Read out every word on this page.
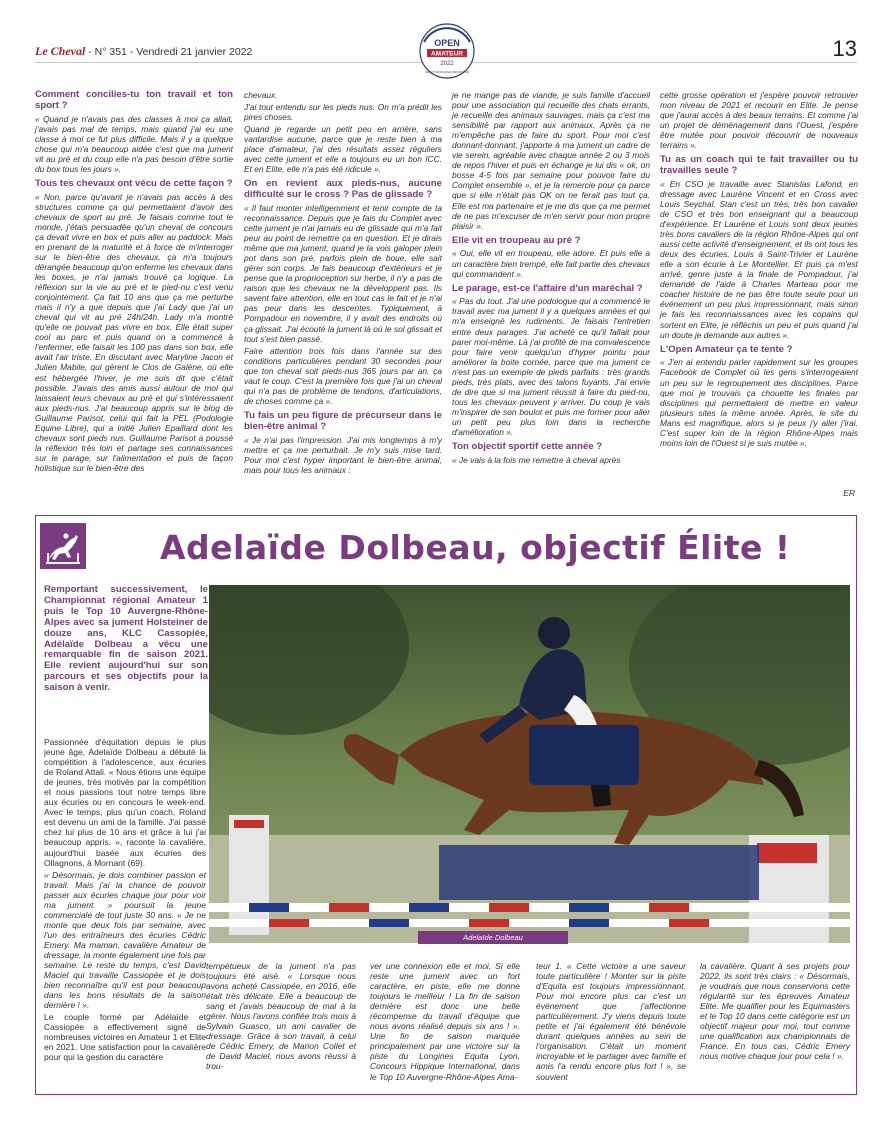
Le Cheval - N° 351 - Vendredi 21 janvier 2022	13
OPEN
AMATEUR
2022
CIRCUIT FRANÇAISE D'ÉQUITATION
Comment concilies-tu ton travail et ton sport ?

« Quand je n'avais pas des classes à moi ça allait, j'avais pas mal de temps, mais quand j'ai eu une classe à moi ce fut plus difficile. Mais il y a quelque chose qui m'a beaucoup aidée c'est que ma jument vit au pré et du coup elle n'a pas besoin d'être sortie du box tous les jours ».

Tous tes chevaux ont vécu de cette façon ?

« Non, parce qu'avant je n'avais pas accès à des structures comme ça qui permettaient d'avoir des chevaux de sport au pré. Je faisais comme tout le monde, j'étais persuadée qu'un cheval de concours ça devait vivre en box et puis aller au paddock. Mais en prenant de la maturité et à force de m'interroger sur le bien-être des chevaux, ça m'a toujours dérangée beaucoup qu'on enferme les chevaux dans les boxes, je n'ai jamais trouvé ça logique. La réflexion sur la vie au pré et le pied-nu c'est venu conjointement. Ça fait 10 ans que ça me perturbe mais il n'y a que depuis que j'ai Lady que j'ai un cheval qui vit au pré 24h/24h. Lady m'a montré qu'elle ne pouvait pas vivre en box. Elle était super cool au parc et puis quand on a commencé à l'enfermer, elle faisait les 100 pas dans son box, elle avait l'air triste. En discutant avec Maryline Jacon et Julien Mabile, qui gèrent le Clos de Galène, où elle est hébergée l'hiver, je me suis dit que c'était possible. J'avais des amis aussi autour de moi qui laissaient leurs chevaux au pré et qui s'intéressaient aux pieds-nus. J'ai beaucoup appris sur le blog de Guillaume Parisot, celui qui fait la PEL (Podologie Equine Libre), qui a initié Julien Epaillard dont les chevaux sont pieds nus. Guillaume Parisot a poussé la réflexion très loin et partage ses connaissances sur le parage, sur l'alimentation et puis de façon holistique sur le bien-être des

chevaux.

J'ai tout entendu sur les pieds nus. On m'a prédit les pires choses.

Quand je regarde un petit peu en arrière, sans vantardise aucune, parce que je reste bien à ma place d'amateur, j'ai des résultats assez réguliers avec cette jument et elle a toujours eu un bon ICC. Et en Elite, elle n'a pas été ridicule ».

On en revient aux pieds-nus, aucune difficulté sur le cross ? Pas de glissade ?

« Il faut monter intelligemment et tenir compte de ta reconnaissance. Depuis que je fais du Complet avec cette jument je n'ai jamais eu de glissade qui m'a fait peur au point de remettre ça en question. Et je dirais même que ma jument, quand je la vois galoper plein pot dans son pré, parfois plein de boue, elle sait gérer son corps. Je fais beaucoup d'extérieurs et je pense que la proprioception sur herbe, il n'y a pas de raison que les chevaux ne la développent pas. Ils savent faire attention, elle en tout cas le fait et je n'ai pas peur dans les descentes. Typiquement, à Pompadour en novembre, il y avait des endroits où ça glissait. J'ai écouté la jument là où le sol glissait et tout s'est bien passé.

Faire attention trois fois dans l'année sur des conditions particulières pendant 30 secondes pour que ton cheval soit pieds-nus 365 jours par an, ça vaut le coup. C'est la première fois que j'ai un cheval qui n'a pas de problème de tendons, d'articulations, de choses comme ça ».

Tu fais un peu figure de précurseur dans le bien-être animal ?

« Je n'ai pas l'impression. J'ai mis longtemps à m'y mettre et ça me perturbait. Je m'y suis mise tard. Pour moi c'est hyper important le bien-être animal, mais pour tous les animaux :

je ne mange pas de viande, je suis famille d'accueil pour une association qui recueille des chats errants, je recueille des animaux sauvages, mais ça c'est ma sensibilité par rapport aux animaux. Après ça ne m'empêche pas de faire du sport. Pour moi c'est donnant-donnant, j'apporte à ma jument un cadre de vie serein, agréable avec chaque année 2 ou 3 mois de repos l'hiver et puis en échange je lui dis « ok, on bosse 4-5 fois par semaine pour pouvoir faire du Complet ensemble », et je la remercie pour ça parce que si elle n'était pas OK on ne ferait pas tout ça. Elle est ma partenaire et je me dis que ça me permet de ne pas m'excuser de m'en servir pour mon propre plaisir ».

Elle vit en troupeau au pré ?

« Oui, elle vit en troupeau, elle adore. Et puis elle a un caractère bien trempé, elle fait partie des chevaux qui commandent ».

Le parage, est-ce l'affaire d'un maréchal ?

« Pas du tout. J'ai une podologue qui a commencé le travail avec ma jument il y a quelques années et qui m'a enseigné les rudiments. Je faisais l'entretien entre deux parages. J'ai acheté ce qu'il fallait pour parer moi-même. Là j'ai profité de ma convalescence pour faire venir quelqu'un d'hyper pointu pour améliorer la boite cornée, parce que ma jument ce n'est pas un exemple de pieds parfaits : très grands pieds, très plats, avec des talons fuyants. J'ai envie de dire que si ma jument réussit à faire du pied-nu, tous les chevaux peuvent y arriver. Du coup je vais m'inspirer de son boulot et puis me former pour aller un petit peu plus loin dans la recherche d'amélioration ».

Ton objectif sportif cette année ?

« Je vais à la fois me remettre à cheval après

cette grosse opération et j'espère pouvoir retrouver mon niveau de 2021 et recourir en Elite. Je pense que j'aurai accès à des beaux terrains. Et comme j'ai un projet de déménagement dans l'Ouest, j'espère être mutée pour pouvoir découvrir de nouveaux terrains ».

Tu as un coach qui te fait travailler ou tu travailles seule ?

« En CSO je travaille avec Stanislas Lafond, en dressage avec Laurène Vincent et en Cross avec Louis Seychal. Stan c'est un très, très bon cavalier de CSO et très bon enseignant qui a beaucoup d'expérience. Et Laurène et Louis sont deux jeunes très bons cavaliers de la région Rhône-Alpes qui ont aussi cette activité d'enseignement, et ils ont tous les deux des écuries, Louis à Saint-Trivier et Laurène elle a son écurie à Le Montellier. Et puis ça m'est arrivé, genre juste à la finale de Pompadour, j'ai demandé de l'aide à Charles Marteau pour me coacher histoire de ne pas être toute seule pour un événement un peu plus impressionnant, mais sinon je fais les reconnaissances avec les copains qui sortent en Elite, je réfléchis un peu et puis quand j'ai un doute je demande aux autres ».

L'Open Amateur ça te tente ?

« J'en ai entendu parler rapidement sur les groupes Facebook de Complet où les gens s'interrogeaient un peu sur le regroupement des disciplines. Parce que moi je trouvais ça chouette les finales par disciplines qui permettaient de mettre en valeur plusieurs sites la même année. Après, le site du Mans est magnifique, alors si je peux j'y aller j'irai. C'est super loin de la région Rhône-Alpes mais moins loin de l'Ouest si je suis mutée ».

ER
Adelaïde Dolbeau, objectif Élite !
Remportant successivement, le Championnat régional Amateur 1 puis le Top 10 Auvergne-Rhône-Alpes avec sa jument Holsteiner de douze ans, KLC Cassopiée, Adélaïde Dolbeau a vécu une remarquable fin de saison 2021. Elle revient aujourd'hui sur son parcours et ses objectifs pour la saison à venir.

Passionnée d'équitation depuis le plus jeune âge, Adelaïde Dolbeau a débuté la compétition à l'adolescence, aux écuries de Roland Attali. « Nous étions une équipe de jeunes, très motivés par la compétition et nous passions tout notre temps libre aux écuries ou en concours le week-end. Avec le temps, plus qu'un coach, Roland est devenu un ami de la famille. J'ai passé chez lui plus de 10 ans et grâce à lui j'ai beaucoup appris. », raconte la cavalière, aujourd'hui basée aux écuries des Ollagnons, à Mornant (69).

« Désormais, je dois combiner passion et travail. Mais j'ai la chance de pouvoir passer aux écuries chaque jour pour voir ma jument. » poursuit la jeune commerciale de tout juste 30 ans. « Je ne monte que deux fois par semaine, avec l'un des entraîneurs des écuries Cédric Emery. Ma maman, cavalière Amateur de dressage, la monte également une fois par semaine. Le reste du temps, c'est David Maciel qui travaille Cassiopée et je dois bien reconnaître qu'il est pour beaucoup dans les bons résultats de la saison dernière ! ».

Le couple formé par Adélaïde et Cassiopée a effectivement signé de nombreuses victoires en Amateur 1 et Elite en 2021. Une satisfaction pour la cavalière pour qui la gestion du caractère

tempétueux de la jument n'a pas toujours été aisé. « Lorsque nous avons acheté Cassiopée, en 2016, elle était très délicate. Elle a beaucoup de sang et j'avais beaucoup de mal à la gérer. Nous l'avons confiée trois mois à Sylvain Guasco, un ami cavalier de dressage. Grâce à son travail, à celui de Cédric Emery, de Marion Collet et de David Maciel, nous avons réussi à trou-
ver une connexion elle et moi. Si elle reste une jument avec un fort caractère, en piste, elle me donne toujours le meilleur ! La fin de saison dernière est donc une belle récompense du travail d'équipe que nous avons réalisé depuis six ans ! ». Une fin de saison marquée principalement par une victoire sur la piste du Longines Equita Lyon, Concours Hippique International, dans le Top 10 Auvergne-Rhône-Alpes Ama-
teur 1. « Cette victoire a une saveur toute particulière ! Monter sur la piste d'Equita est toujours impressionnant. Pour moi encore plus car c'est un événement que j'affectionne particulièrement. J'y viens depuis toute petite et j'ai également été bénévole durant quelques années au sein de l'organisation. C'était un moment incroyable et le partager avec famille et amis l'a rendu encore plus fort ! », se souvient
la cavalière. Quant à ses projets pour 2022, ils sont très clairs : « Désormais, je voudrais que nous conservions cette régularité sur les épreuves Amateur Elite. Me qualifier pour les Equimasters et le Top 10 dans cette catégorie est un objectif majeur pour moi, tout comme une qualification aux championnats de France. En tous cas, Cédric Emery nous motive chaque jour pour cela ! ».
Adelaïde Dolbeau
